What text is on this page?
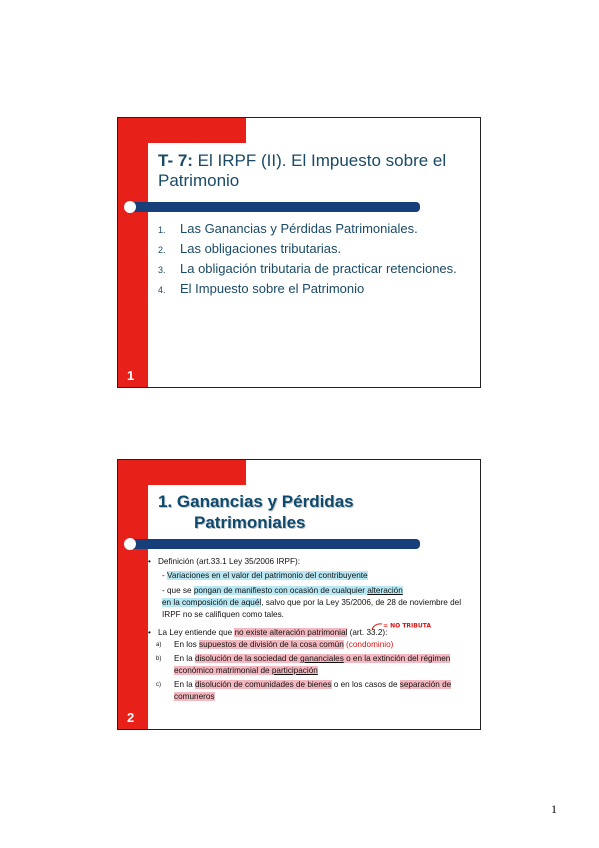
T- 7: El IRPF (II). El Impuesto sobre el Patrimonio
1. Las Ganancias y Pérdidas Patrimoniales.
2. Las obligaciones tributarias.
3. La obligación tributaria de practicar retenciones.
4. El Impuesto sobre el Patrimonio
1
1. Ganancias y Pérdidas
Patrimoniales
• Definición (art.33.1 Ley 35/2006 IRPF):
- Variaciones en el valor del patrimonio del contribuyente
- que se pongan de manifiesto con ocasión de cualquier alteración
en la composición de aquél, salvo que por la Ley 35/2006, de 28 de noviembre del IRPF no se califiquen como tales.
• La Ley entiende que no existe alteración patrimonial (art. 33.2):
a) En los supuestos de división de la cosa común (condominio)
b) En la disolución de la sociedad de gananciales o en la extinción del régimen económico matrimonial de participación
c) En la disolución de comunidades de bienes o en los casos de separación de comuneros
= NO TRIBUTA
2
1
